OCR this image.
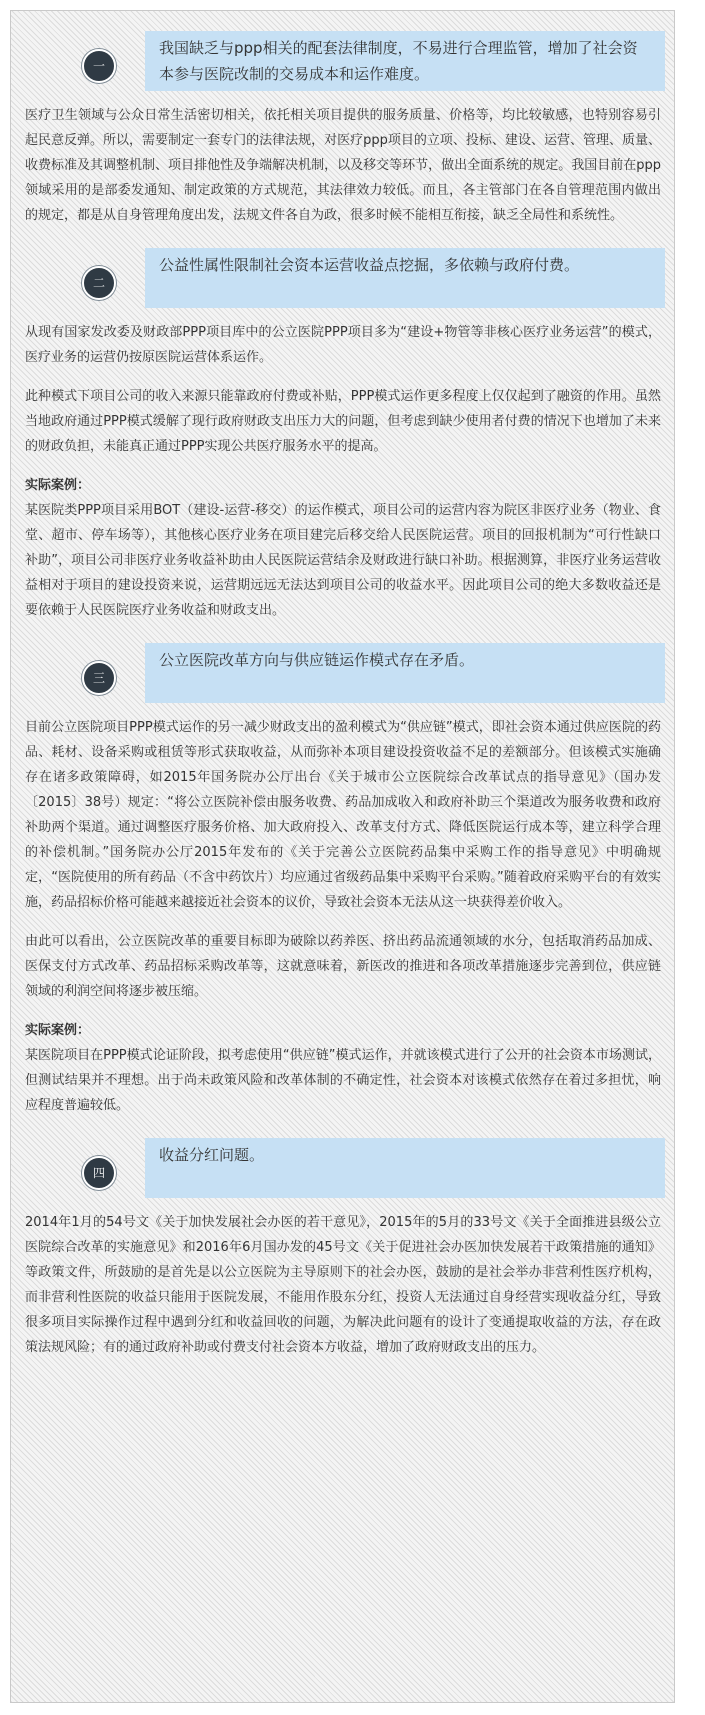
一
我国缺乏与ppp相关的配套法律制度，不易进行合理监管，增加了社会资本参与医院改制的交易成本和运作难度。

医疗卫生领域与公众日常生活密切相关，依托相关项目提供的服务质量、价格等，均比较敏感，也特别容易引起民意反弹。所以，需要制定一套专门的法律法规，对医疗ppp项目的立项、投标、建设、运营、管理、质量、收费标准及其调整机制、项目排他性及争端解决机制，以及移交等环节，做出全面系统的规定。我国目前在ppp领域采用的是部委发通知、制定政策的方式规范，其法律效力较低。而且，各主管部门在各自管理范围内做出的规定，都是从自身管理角度出发，法规文件各自为政，很多时候不能相互衔接，缺乏全局性和系统性。

二
公益性属性限制社会资本运营收益点挖掘，多依赖与政府付费。

从现有国家发改委及财政部PPP项目库中的公立医院PPP项目多为“建设+物管等非核心医疗业务运营”的模式，医疗业务的运营仍按原医院运营体系运作。

此种模式下项目公司的收入来源只能靠政府付费或补贴，PPP模式运作更多程度上仅仅起到了融资的作用。虽然当地政府通过PPP模式缓解了现行政府财政支出压力大的问题，但考虑到缺少使用者付费的情况下也增加了未来的财政负担，未能真正通过PPP实现公共医疗服务水平的提高。

实际案例：

某医院类PPP项目采用BOT（建设-运营-移交）的运作模式，项目公司的运营内容为院区非医疗业务（物业、食堂、超市、停车场等），其他核心医疗业务在项目建完后移交给人民医院运营。项目的回报机制为“可行性缺口补助”，项目公司非医疗业务收益补助由人民医院运营结余及财政进行缺口补助。根据测算，非医疗业务运营收益相对于项目的建设投资来说，运营期远远无法达到项目公司的收益水平。因此项目公司的绝大多数收益还是要依赖于人民医院医疗业务收益和财政支出。

三
公立医院改革方向与供应链运作模式存在矛盾。

目前公立医院项目PPP模式运作的另一减少财政支出的盈利模式为“供应链”模式，即社会资本通过供应医院的药品、耗材、设备采购或租赁等形式获取收益，从而弥补本项目建设投资收益不足的差额部分。但该模式实施确存在诸多政策障碍，如2015年国务院办公厅出台《关于城市公立医院综合改革试点的指导意见》（国办发〔2015〕38号）规定：“将公立医院补偿由服务收费、药品加成收入和政府补助三个渠道改为服务收费和政府补助两个渠道。通过调整医疗服务价格、加大政府投入、改革支付方式、降低医院运行成本等，建立科学合理的补偿机制。”国务院办公厅2015年发布的《关于完善公立医院药品集中采购工作的指导意见》中明确规定，“医院使用的所有药品（不含中药饮片）均应通过省级药品集中采购平台采购。”随着政府采购平台的有效实施，药品招标价格可能越来越接近社会资本的议价，导致社会资本无法从这一块获得差价收入。

由此可以看出，公立医院改革的重要目标即为破除以药养医、挤出药品流通领域的水分，包括取消药品加成、医保支付方式改革、药品招标采购改革等，这就意味着，新医改的推进和各项改革措施逐步完善到位，供应链领域的利润空间将逐步被压缩。

实际案例：

某医院项目在PPP模式论证阶段，拟考虑使用“供应链”模式运作，并就该模式进行了公开的社会资本市场测试，但测试结果并不理想。出于尚未政策风险和改革体制的不确定性，社会资本对该模式依然存在着过多担忧，响应程度普遍较低。

四
收益分红问题。

2014年1月的54号文《关于加快发展社会办医的若干意见》，2015年的5月的33号文《关于全面推进县级公立医院综合改革的实施意见》和2016年6月国办发的45号文《关于促进社会办医加快发展若干政策措施的通知》等政策文件，所鼓励的是首先是以公立医院为主导原则下的社会办医，鼓励的是社会举办非营利性医疗机构，而非营利性医院的收益只能用于医院发展，不能用作股东分红，投资人无法通过自身经营实现收益分红，导致很多项目实际操作过程中遇到分红和收益回收的问题，为解决此问题有的设计了变通提取收益的方法，存在政策法规风险；有的通过政府补助或付费支付社会资本方收益，增加了政府财政支出的压力。
